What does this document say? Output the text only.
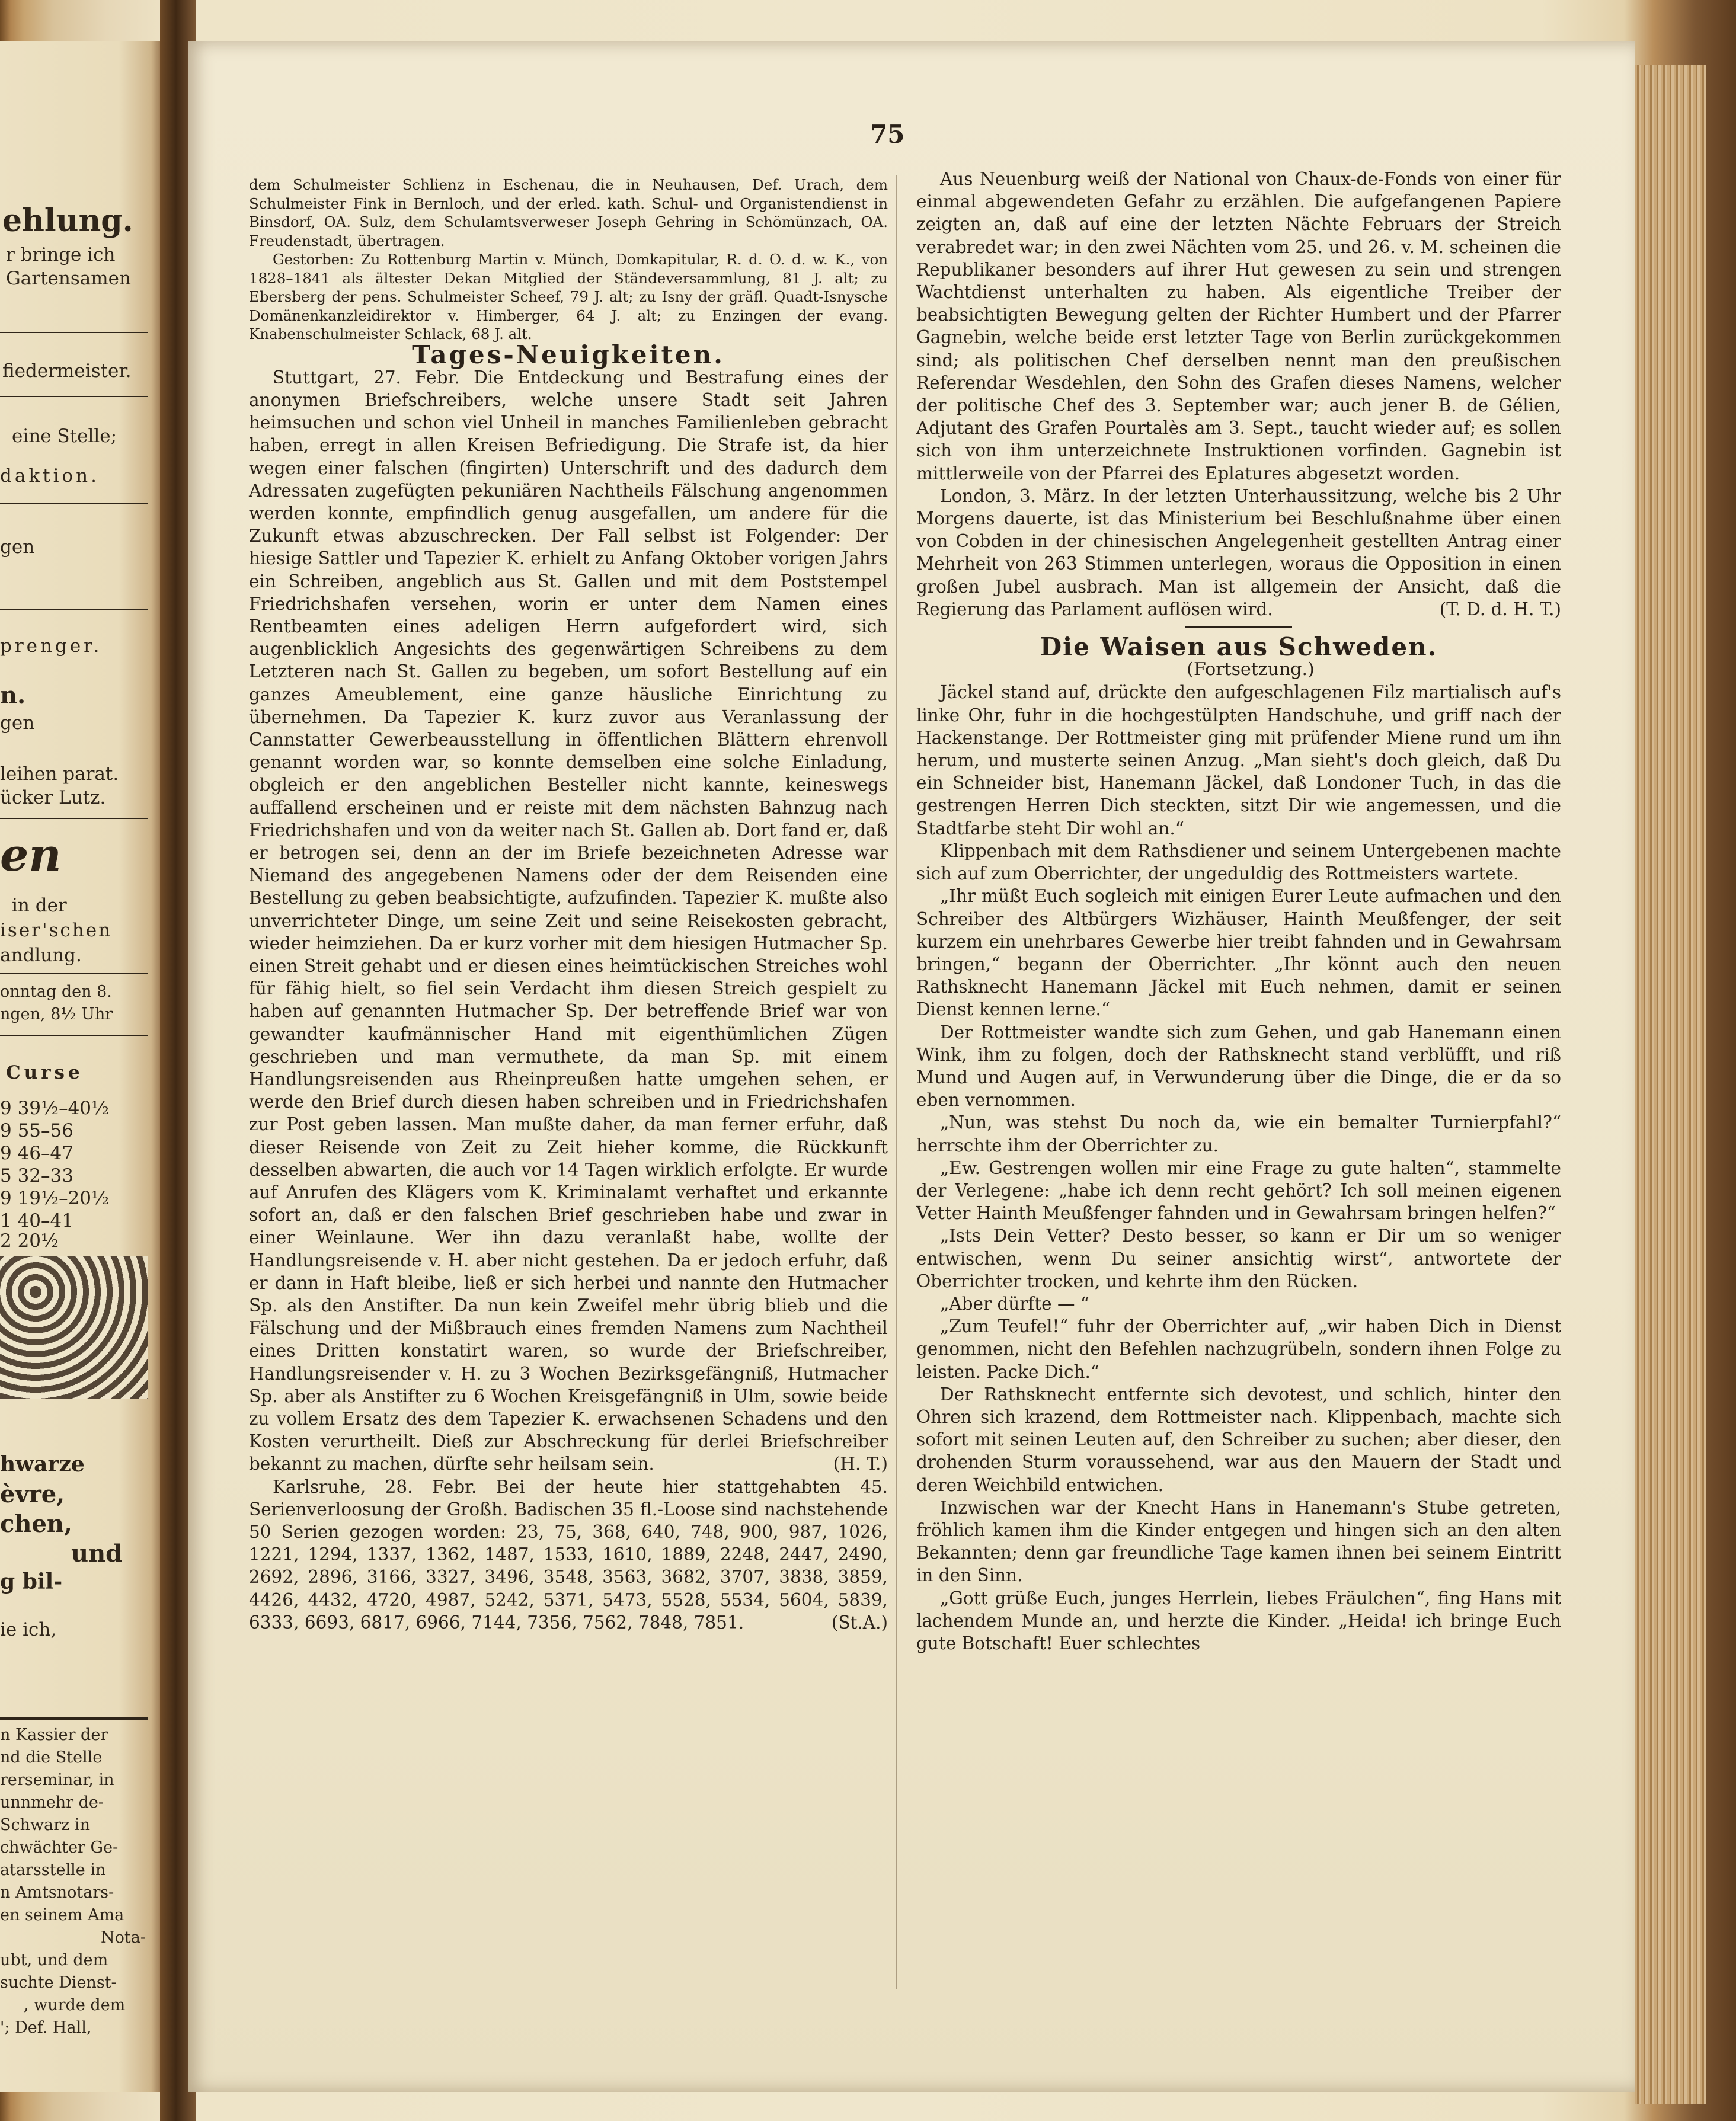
ehlung.
r bringe ich
Gartensamen
fiedermeister.
eine Stelle;
daktion.
gen
prenger.
n.
gen
leihen parat.
ücker Lutz.
en
in der
iser'schen
andlung.
onntag den 8.
ngen, 8½ Uhr
Curse
9 39½–40½
9 55–56
9 46–47
5 32–33
9 19½–20½
1 40–41
2 20½
hwarze
èvre,
chen,
und
g bil-
ie ich,
n Kassier der
nd die Stelle
rerseminar, in
unnmehr de-
Schwarz in
chwächter Ge-
atarsstelle in
n Amtsnotars-
en seinem Ama
Nota-
ubt, und dem
suchte Dienst-
, wurde dem
'; Def. Hall,
75

dem Schulmeister Schlienz in Eschenau, die in Neuhausen, Def. Urach, dem Schulmeister Fink in Bernloch, und der erled. kath. Schul- und Organistendienst in Binsdorf, OA. Sulz, dem Schulamtsverweser Joseph Gehring in Schömünzach, OA. Freudenstadt, übertragen.

Gestorben: Zu Rottenburg Martin v. Münch, Domkapitular, R. d. O. d. w. K., von 1828–1841 als ältester Dekan Mitglied der Ständeversammlung, 81 J. alt; zu Ebersberg der pens. Schulmeister Scheef, 79 J. alt; zu Isny der gräfl. Quadt-Isnysche Domänenkanzleidirektor v. Himberger, 64 J. alt; zu Enzingen der evang. Knabenschulmeister Schlack, 68 J. alt.

Tages-Neuigkeiten.

Stuttgart, 27. Febr. Die Entdeckung und Bestrafung eines der anonymen Briefschreibers, welche unsere Stadt seit Jahren heimsuchen und schon viel Unheil in manches Familienleben gebracht haben, erregt in allen Kreisen Befriedigung. Die Strafe ist, da hier wegen einer falschen (fingirten) Unterschrift und des dadurch dem Adressaten zugefügten pekuniären Nachtheils Fälschung angenommen werden konnte, empfindlich genug ausgefallen, um andere für die Zukunft etwas abzuschrecken. Der Fall selbst ist Folgender: Der hiesige Sattler und Tapezier K. erhielt zu Anfang Oktober vorigen Jahrs ein Schreiben, angeblich aus St. Gallen und mit dem Poststempel Friedrichshafen versehen, worin er unter dem Namen eines Rentbeamten eines adeligen Herrn aufgefordert wird, sich augenblicklich Angesichts des gegenwärtigen Schreibens zu dem Letzteren nach St. Gallen zu begeben, um sofort Bestellung auf ein ganzes Ameublement, eine ganze häusliche Einrichtung zu übernehmen. Da Tapezier K. kurz zuvor aus Veranlassung der Cannstatter Gewerbeausstellung in öffentlichen Blättern ehrenvoll genannt worden war, so konnte demselben eine solche Einladung, obgleich er den angeblichen Besteller nicht kannte, keineswegs auffallend erscheinen und er reiste mit dem nächsten Bahnzug nach Friedrichshafen und von da weiter nach St. Gallen ab. Dort fand er, daß er betrogen sei, denn an der im Briefe bezeichneten Adresse war Niemand des angegebenen Namens oder der dem Reisenden eine Bestellung zu geben beabsichtigte, aufzufinden. Tapezier K. mußte also unverrichteter Dinge, um seine Zeit und seine Reisekosten gebracht, wieder heimziehen. Da er kurz vorher mit dem hiesigen Hutmacher Sp. einen Streit gehabt und er diesen eines heimtückischen Streiches wohl für fähig hielt, so fiel sein Verdacht ihm diesen Streich gespielt zu haben auf genannten Hutmacher Sp. Der betreffende Brief war von gewandter kaufmännischer Hand mit eigenthümlichen Zügen geschrieben und man vermuthete, da man Sp. mit einem Handlungsreisenden aus Rheinpreußen hatte umgehen sehen, er werde den Brief durch diesen haben schreiben und in Friedrichshafen zur Post geben lassen. Man mußte daher, da man ferner erfuhr, daß dieser Reisende von Zeit zu Zeit hieher komme, die Rückkunft desselben abwarten, die auch vor 14 Tagen wirklich erfolgte. Er wurde auf Anrufen des Klägers vom K. Kriminalamt verhaftet und erkannte sofort an, daß er den falschen Brief geschrieben habe und zwar in einer Weinlaune. Wer ihn dazu veranlaßt habe, wollte der Handlungsreisende v. H. aber nicht gestehen. Da er jedoch erfuhr, daß er dann in Haft bleibe, ließ er sich herbei und nannte den Hutmacher Sp. als den Anstifter. Da nun kein Zweifel mehr übrig blieb und die Fälschung und der Mißbrauch eines fremden Namens zum Nachtheil eines Dritten konstatirt waren, so wurde der Briefschreiber, Handlungsreisender v. H. zu 3 Wochen Bezirksgefängniß, Hutmacher Sp. aber als Anstifter zu 6 Wochen Kreisgefängniß in Ulm, sowie beide zu vollem Ersatz des dem Tapezier K. erwachsenen Schadens und den Kosten verurtheilt. Dieß zur Abschreckung für derlei Briefschreiber bekannt zu machen, dürfte sehr heilsam sein.	(H. T.)

Karlsruhe, 28. Febr. Bei der heute hier stattgehabten 45. Serienverloosung der Großh. Badischen 35 fl.-Loose sind nachstehende 50 Serien gezogen worden: 23, 75, 368, 640, 748, 900, 987, 1026, 1221, 1294, 1337, 1362, 1487, 1533, 1610, 1889, 2248, 2447, 2490, 2692, 2896, 3166, 3327, 3496, 3548, 3563, 3682, 3707, 3838, 3859, 4426, 4432, 4720, 4987, 5242, 5371, 5473, 5528, 5534, 5604, 5839, 6333, 6693, 6817, 6966, 7144, 7356, 7562, 7848, 7851.	(St.A.)

Aus Neuenburg weiß der National von Chaux-de-Fonds von einer für einmal abgewendeten Gefahr zu erzählen. Die aufgefangenen Papiere zeigten an, daß auf eine der letzten Nächte Februars der Streich verabredet war; in den zwei Nächten vom 25. und 26. v. M. scheinen die Republikaner besonders auf ihrer Hut gewesen zu sein und strengen Wachtdienst unterhalten zu haben. Als eigentliche Treiber der beabsichtigten Bewegung gelten der Richter Humbert und der Pfarrer Gagnebin, welche beide erst letzter Tage von Berlin zurückgekommen sind; als politischen Chef derselben nennt man den preußischen Referendar Wesdehlen, den Sohn des Grafen dieses Namens, welcher der politische Chef des 3. September war; auch jener B. de Gélien, Adjutant des Grafen Pourtalès am 3. Sept., taucht wieder auf; es sollen sich von ihm unterzeichnete Instruktionen vorfinden. Gagnebin ist mittlerweile von der Pfarrei des Eplatures abgesetzt worden.

London, 3. März. In der letzten Unterhaussitzung, welche bis 2 Uhr Morgens dauerte, ist das Ministerium bei Beschlußnahme über einen von Cobden in der chinesischen Angelegenheit gestellten Antrag einer Mehrheit von 263 Stimmen unterlegen, woraus die Opposition in einen großen Jubel ausbrach. Man ist allgemein der Ansicht, daß die Regierung das Parlament auflösen wird.	(T. D. d. H. T.)

Die Waisen aus Schweden.

(Fortsetzung.)

Jäckel stand auf, drückte den aufgeschlagenen Filz martialisch auf's linke Ohr, fuhr in die hochgestülpten Handschuhe, und griff nach der Hackenstange. Der Rottmeister ging mit prüfender Miene rund um ihn herum, und musterte seinen Anzug. „Man sieht's doch gleich, daß Du ein Schneider bist, Hanemann Jäckel, daß Londoner Tuch, in das die gestrengen Herren Dich steckten, sitzt Dir wie angemessen, und die Stadtfarbe steht Dir wohl an.“

Klippenbach mit dem Rathsdiener und seinem Untergebenen machte sich auf zum Oberrichter, der ungeduldig des Rottmeisters wartete.

„Ihr müßt Euch sogleich mit einigen Eurer Leute aufmachen und den Schreiber des Altbürgers Wizhäuser, Hainth Meußfenger, der seit kurzem ein unehrbares Gewerbe hier treibt fahnden und in Gewahrsam bringen,“ begann der Oberrichter. „Ihr könnt auch den neuen Rathsknecht Hanemann Jäckel mit Euch nehmen, damit er seinen Dienst kennen lerne.“

Der Rottmeister wandte sich zum Gehen, und gab Hanemann einen Wink, ihm zu folgen, doch der Rathsknecht stand verblüfft, und riß Mund und Augen auf, in Verwunderung über die Dinge, die er da so eben vernommen.

„Nun, was stehst Du noch da, wie ein bemalter Turnierpfahl?“ herrschte ihm der Oberrichter zu.

„Ew. Gestrengen wollen mir eine Frage zu gute halten“, stammelte der Verlegene: „habe ich denn recht gehört? Ich soll meinen eigenen Vetter Hainth Meußfenger fahnden und in Gewahrsam bringen helfen?“

„Ists Dein Vetter? Desto besser, so kann er Dir um so weniger entwischen, wenn Du seiner ansichtig wirst“, antwortete der Oberrichter trocken, und kehrte ihm den Rücken.

„Aber dürfte — “

„Zum Teufel!“ fuhr der Oberrichter auf, „wir haben Dich in Dienst genommen, nicht den Befehlen nachzugrübeln, sondern ihnen Folge zu leisten. Packe Dich.“

Der Rathsknecht entfernte sich devotest, und schlich, hinter den Ohren sich krazend, dem Rottmeister nach. Klippenbach, machte sich sofort mit seinen Leuten auf, den Schreiber zu suchen; aber dieser, den drohenden Sturm voraussehend, war aus den Mauern der Stadt und deren Weichbild entwichen.

Inzwischen war der Knecht Hans in Hanemann's Stube getreten, fröhlich kamen ihm die Kinder entgegen und hingen sich an den alten Bekannten; denn gar freundliche Tage kamen ihnen bei seinem Eintritt in den Sinn.

„Gott grüße Euch, junges Herrlein, liebes Fräulchen“, fing Hans mit lachendem Munde an, und herzte die Kinder. „Heida! ich bringe Euch gute Botschaft! Euer schlechtes
